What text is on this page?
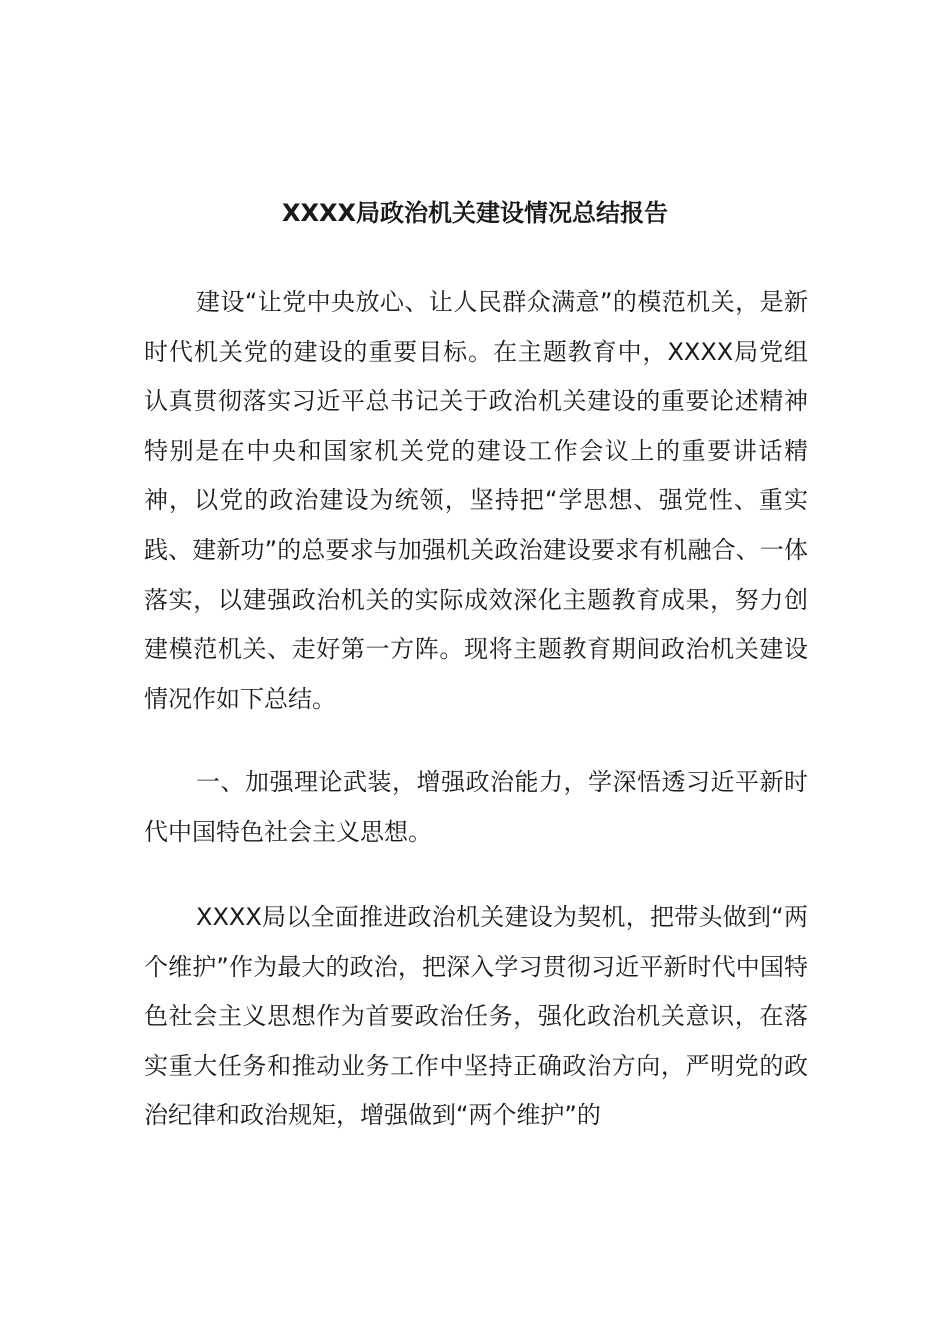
XXXX局政治机关建设情况总结报告

建设“让党中央放心、让人民群众满意”的模范机关，是新时代机关党的建设的重要目标。在主题教育中，XXXX局党组认真贯彻落实习近平总书记关于政治机关建设的重要论述精神特别是在中央和国家机关党的建设工作会议上的重要讲话精神，以党的政治建设为统领，坚持把“学思想、强党性、重实践、建新功”的总要求与加强机关政治建设要求有机融合、一体落实，以建强政治机关的实际成效深化主题教育成果，努力创建模范机关、走好第一方阵。现将主题教育期间政治机关建设情况作如下总结。

一、加强理论武装，增强政治能力，学深悟透习近平新时代中国特色社会主义思想。

XXXX局以全面推进政治机关建设为契机，把带头做到“两个维护”作为最大的政治，把深入学习贯彻习近平新时代中国特色社会主义思想作为首要政治任务，强化政治机关意识，在落实重大任务和推动业务工作中坚持正确政治方向，严明党的政治纪律和政治规矩，增强做到“两个维护”的
